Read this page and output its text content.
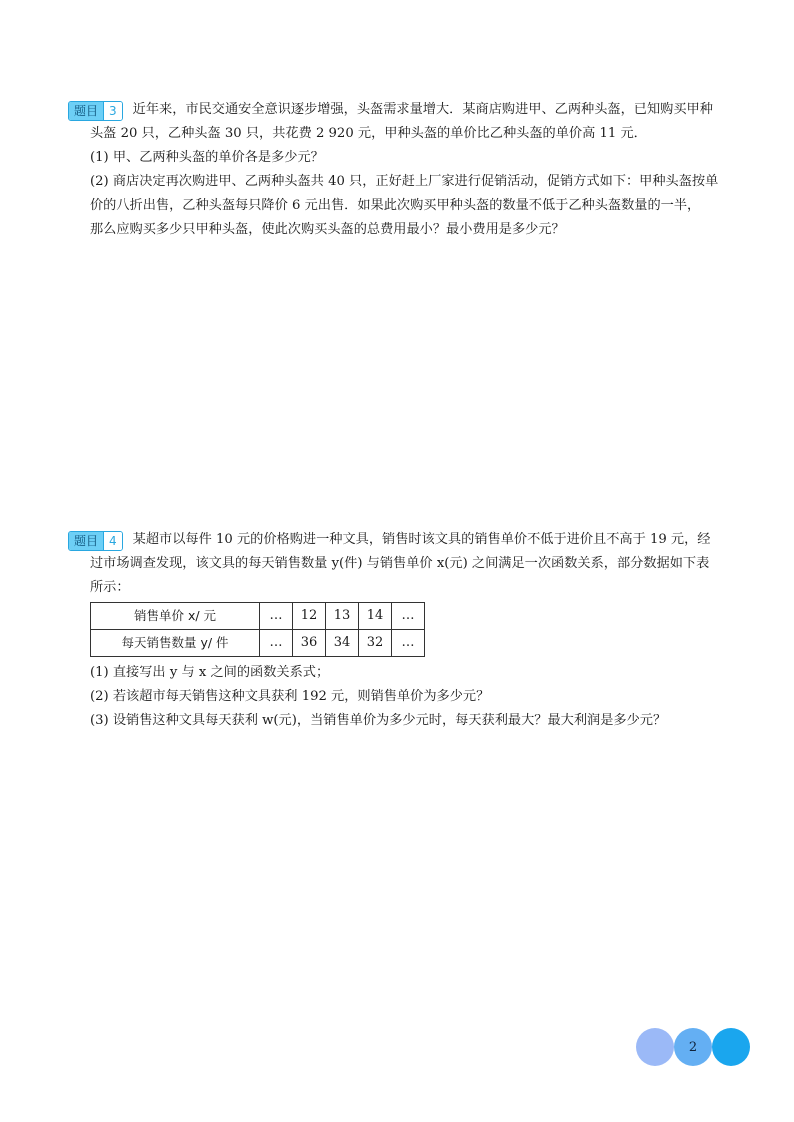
题目 3	近年来，市民交通安全意识逐步增强，头盔需求量增大．某商店购进甲、乙两种头盔，已知购买甲种
头盔 20 只，乙种头盔 30 只，共花费 2 920 元，甲种头盔的单价比乙种头盔的单价高 11 元．
(1) 甲、乙两种头盔的单价各是多少元？
(2) 商店决定再次购进甲、乙两种头盔共 40 只，正好赶上厂家进行促销活动，促销方式如下：甲种头盔按单
价的八折出售，乙种头盔每只降价 6 元出售．如果此次购买甲种头盔的数量不低于乙种头盔数量的一半，
那么应购买多少只甲种头盔，使此次购买头盔的总费用最小？最小费用是多少元？
题目 4	某超市以每件 10 元的价格购进一种文具，销售时该文具的销售单价不低于进价且不高于 19 元，经
过市场调查发现，该文具的每天销售数量 y(件) 与销售单价 x(元) 之间满足一次函数关系，部分数据如下表
所示：
销售单价 x/ 元	…	12	13	14	…
每天销售数量 y/ 件	…	36	34	32	…
(1) 直接写出 y 与 x 之间的函数关系式；
(2) 若该超市每天销售这种文具获利 192 元，则销售单价为多少元？
(3) 设销售这种文具每天获利 w(元)，当销售单价为多少元时，每天获利最大？最大利润是多少元？
2
